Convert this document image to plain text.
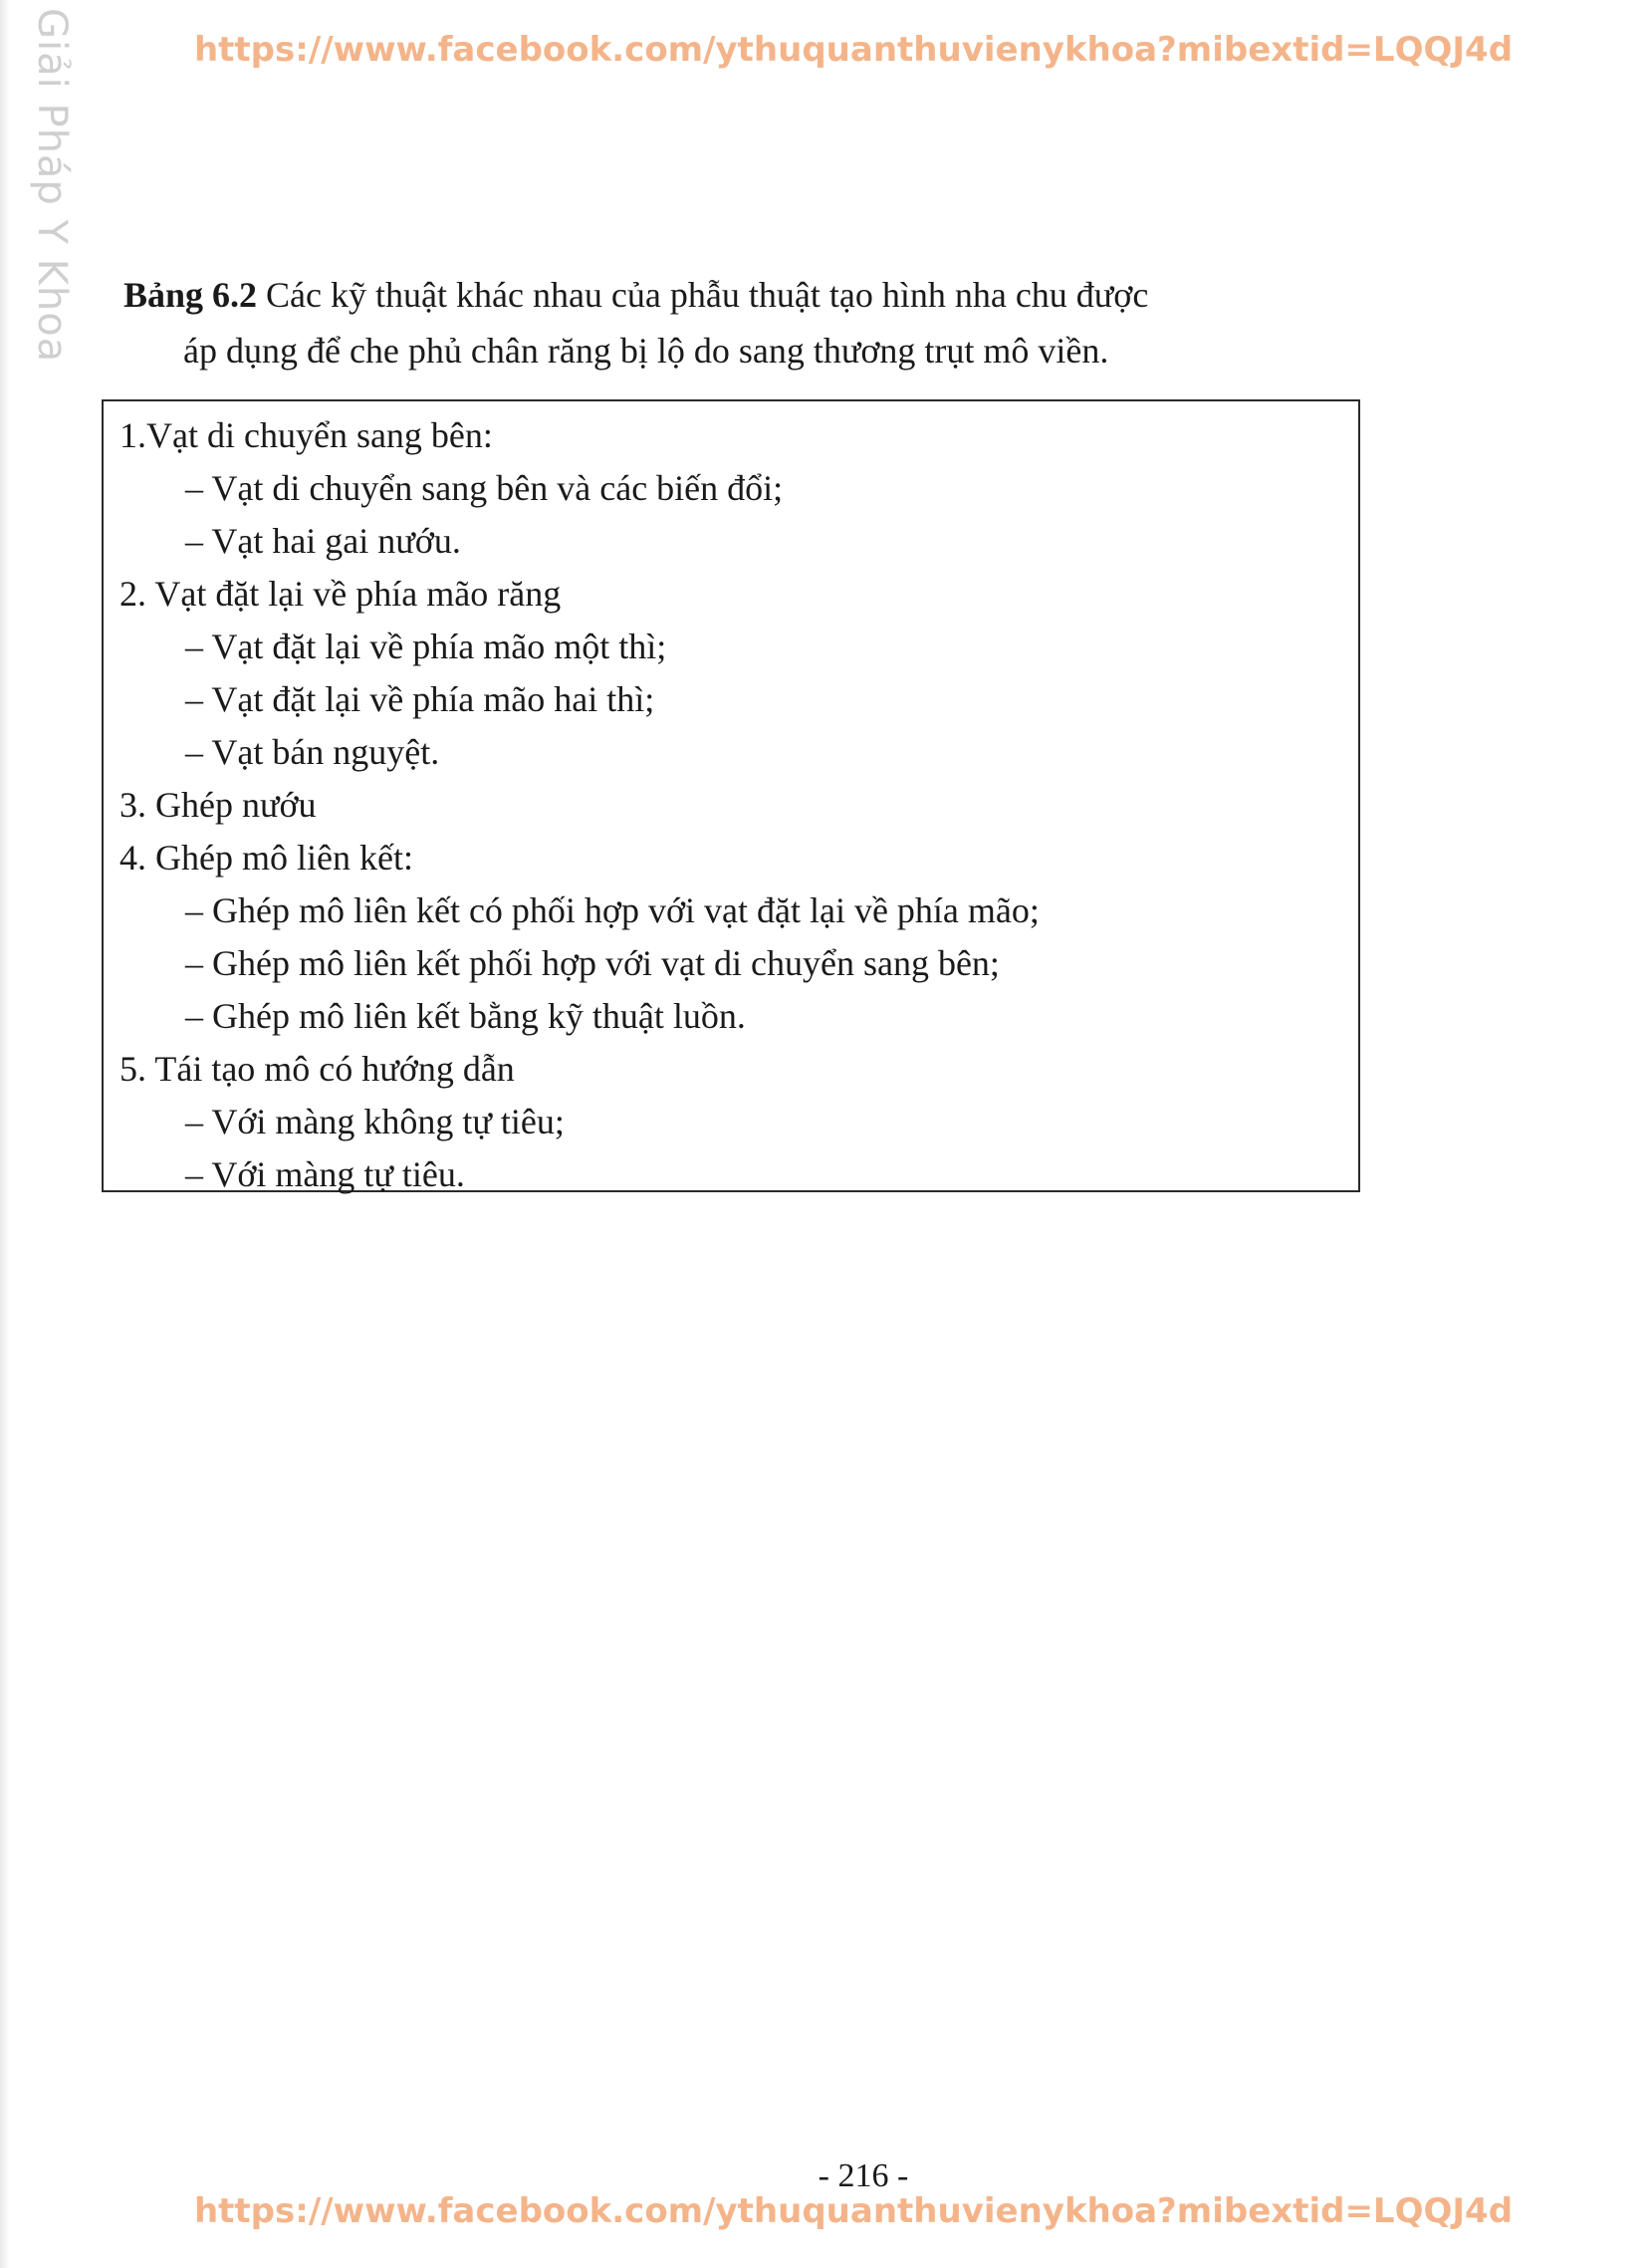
Giải Pháp Y Khoa	https://www.facebook.com/ythuquanthuvienykhoa?mibextid=LQQJ4d
Bảng 6.2 Các kỹ thuật khác nhau của phẫu thuật tạo hình nha chu được
áp dụng để che phủ chân răng bị lộ do sang thương trụt mô viền.
1.Vạt di chuyển sang bên:
– Vạt di chuyển sang bên và các biến đổi;
– Vạt hai gai nướu.
2. Vạt đặt lại về phía mão răng
– Vạt đặt lại về phía mão một thì;
– Vạt đặt lại về phía mão hai thì;
– Vạt bán nguyệt.
3. Ghép nướu
4. Ghép mô liên kết:
– Ghép mô liên kết có phối hợp với vạt đặt lại về phía mão;
– Ghép mô liên kết phối hợp với vạt di chuyển sang bên;
– Ghép mô liên kết bằng kỹ thuật luồn.
5. Tái tạo mô có hướng dẫn
– Với màng không tự tiêu;
– Với màng tự tiêu.
- 216 -
https://www.facebook.com/ythuquanthuvienykhoa?mibextid=LQQJ4d
